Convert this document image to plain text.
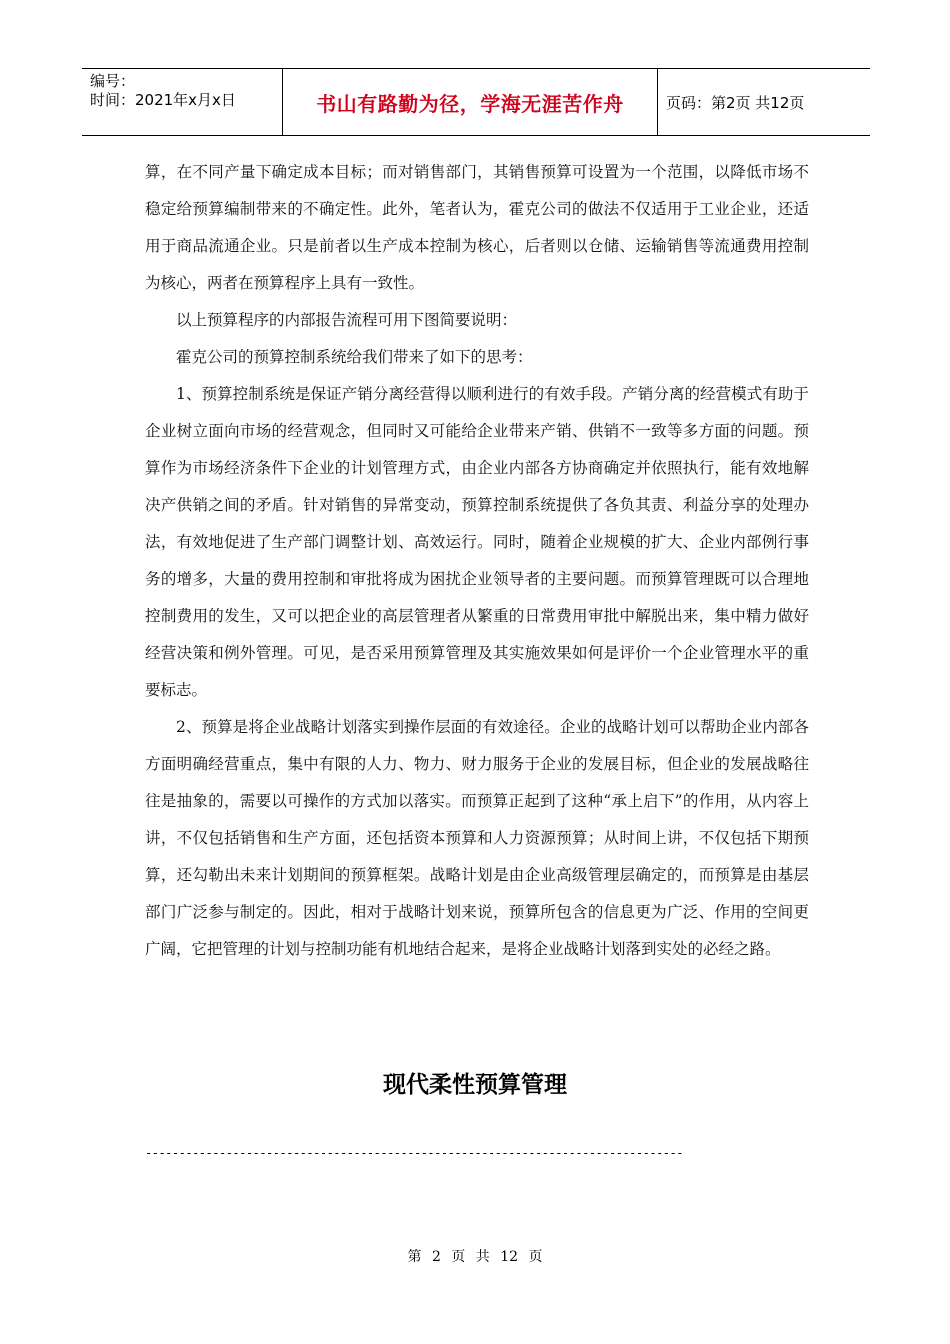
编号：
时间：2021年x月x日	书山有路勤为径，学海无涯苦作舟	页码：第2页 共12页

算，在不同产量下确定成本目标；而对销售部门，其销售预算可设置为一个范围，以降低市场不稳定给预算编制带来的不确定性。此外，笔者认为，霍克公司的做法不仅适用于工业企业，还适用于商品流通企业。只是前者以生产成本控制为核心，后者则以仓储、运输销售等流通费用控制为核心，两者在预算程序上具有一致性。

以上预算程序的内部报告流程可用下图简要说明：

霍克公司的预算控制系统给我们带来了如下的思考：

1、预算控制系统是保证产销分离经营得以顺利进行的有效手段。产销分离的经营模式有助于企业树立面向市场的经营观念，但同时又可能给企业带来产销、供销不一致等多方面的问题。预算作为市场经济条件下企业的计划管理方式，由企业内部各方协商确定并依照执行，能有效地解决产供销之间的矛盾。针对销售的异常变动，预算控制系统提供了各负其责、利益分享的处理办法，有效地促进了生产部门调整计划、高效运行。同时，随着企业规模的扩大、企业内部例行事务的增多，大量的费用控制和审批将成为困扰企业领导者的主要问题。而预算管理既可以合理地控制费用的发生，又可以把企业的高层管理者从繁重的日常费用审批中解脱出来，集中精力做好经营决策和例外管理。可见，是否采用预算管理及其实施效果如何是评价一个企业管理水平的重要标志。

2、预算是将企业战略计划落实到操作层面的有效途径。企业的战略计划可以帮助企业内部各方面明确经营重点，集中有限的人力、物力、财力服务于企业的发展目标，但企业的发展战略往往是抽象的，需要以可操作的方式加以落实。而预算正起到了这种“承上启下”的作用，从内容上讲，不仅包括销售和生产方面，还包括资本预算和人力资源预算；从时间上讲，不仅包括下期预算，还勾勒出未来计划期间的预算框架。战略计划是由企业高级管理层确定的，而预算是由基层部门广泛参与制定的。因此，相对于战略计划来说，预算所包含的信息更为广泛、作用的空间更广阔，它把管理的计划与控制功能有机地结合起来，是将企业战略计划落到实处的必经之路。

现代柔性预算管理
--------------------------------------------------------------------------------
第 2 页 共 12 页
